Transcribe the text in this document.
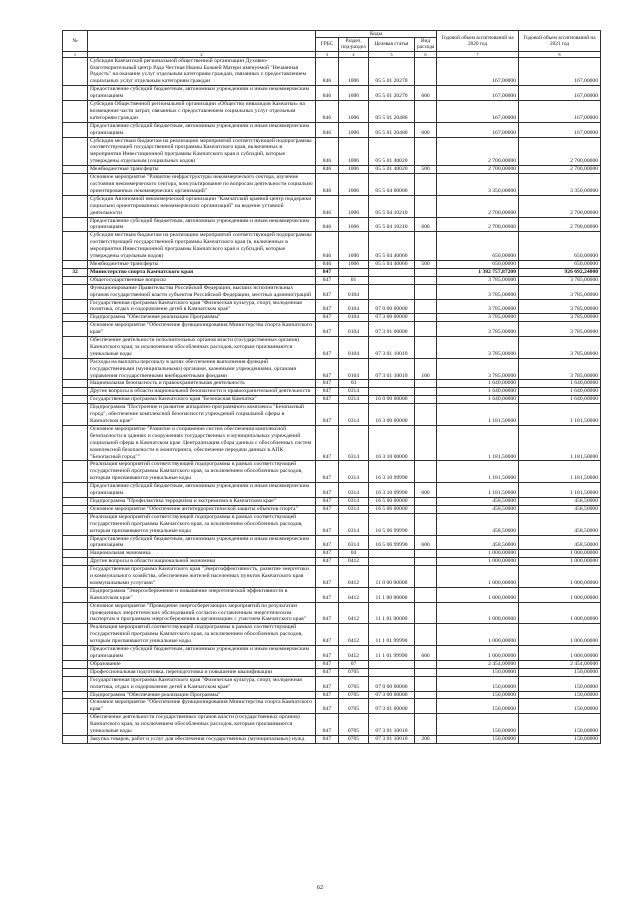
№		Коды				Годовой объем ассигнований на 2020 год	Годовой объем ассигнований на 2021 год
		ГРБС	Раздел, под-раздел	Целевая статья	Вид расхода		
1	2	3	4	5	6	7	8
	Субсидия Камчатской региональной общественной организации Духовно-благотворительный центр Рада Честная Иконы Божией Матери именуемой "Нечаянная Радость" на оказание услуг отдельным категориям граждан, связанных с предоставлением социальных услуг отдельным категориям граждан	846	1006	05 5 01 20270		167,00000	167,00000
	Предоставление субсидий бюджетным, автономным учреждениям и иным некоммерческим организациям	846	1006	05 5 01 20270	600	167,00000	167,00000
	Субсидия Общественной региональной организации «Общество инвалидов Камчатки» на возмещение части затрат, связанных с предоставлением социальных услуг отдельным категориям граждан	846	1006	05 5 01 20480		167,00000	167,00000
	Предоставление субсидий бюджетным, автономным учреждениям и иным некоммерческим организациям	846	1006	05 5 01 20480	600	167,00000	167,00000
	Субсидия местным бюджетам на реализацию мероприятий соответствующей подпрограммы соответствующей государственной программы Камчатского края, включенных в мероприятия Инвестиционной программы Камчатского края и субсидий, которые утверждены отдельным (социальных кодов)	846	1006	05 5 01 40020		2 700,00000	2 700,00000
	Межбюджетные трансферты	846	1006	05 5 01 40020	500	2 700,00000	2 700,00000
	Основное мероприятие "Развитие инфраструктуры некоммерческого сектора, изучение состояния некоммерческого сектора, консультирование по вопросам деятельности социально ориентированных некоммерческих организаций"	846	1006	05 5 04 00000		3 350,00000	3 350,00000
	Субсидия Автономной некоммерческой организации "Камчатский краевой центр поддержки социально ориентированных некоммерческих организаций" на ведение уставной деятельности	846	1006	05 5 04 10210		2 700,00000	2 700,00000
	Предоставление субсидий бюджетным, автономным учреждениям и иным некоммерческим организациям	846	1006	05 5 04 10210	600	2 700,00000	2 700,00000
	Субсидия местным бюджетам на реализацию мероприятий соответствующей подпрограммы соответствующей государственной программы Камчатского края (в, включенных в мероприятия Инвестиционной программы Камчатского края и субсидий, которые утверждены отдельным кодов)	846	1006	05 5 04 40060		650,00000	650,00000
	Межбюджетные трансферты	846	1006	05 5 04 40060	500	650,00000	650,00000
32	Министерство спорта Камчатского края	847				1 382 757,87200	926 692,24000
	Общегосударственные вопросы	847	01			3 785,00000	3 785,00000
	Функционирование Правительства Российской Федерации, высших исполнительных органов государственной власти субъектов Российской Федерации, местных администраций	847	0104			3 785,00000	3 785,00000
	Государственная программа Камчатского края "Физическая культура, спорт, молодежная политика, отдых и оздоровление детей в Камчатском крае"	847	0104	07 0 00 00000		3 785,00000	3 785,00000
	Подпрограмма "Обеспечение реализации Программы"	847	0104	07 3 00 00000		3 785,00000	3 785,00000
	Основное мероприятие "Обеспечение функционирования Министерства спорта Камчатского края"	847	0104	07 3 01 00000		3 785,00000	3 785,00000
	Обеспечение деятельности исполнительных органов власти (государственных органов) Камчатского края, за исключением обособленных расходов, которым присваиваются уникальные коды	847	0104	07 3 01 10010		3 785,00000	3 785,00000
	Расходы на выплаты персоналу в целях обеспечения выполнения функций государственными (муниципальными) органами, казенными учреждениями, органами управления государственными внебюджетными фондами	847	0104	07 3 01 10010	100	3 785,00000	3 785,00000
	Национальная безопасность и правоохранительная деятельность	847	03			1 640,00000	1 640,00000
	Другие вопросы в области национальной безопасности и правоохранительной деятельности	847	0314			1 640,00000	1 640,00000
	Государственная программа Камчатского края "Безопасная Камчатка"	847	0314	16 0 00 00000		1 640,00000	1 640,00000
	Подпрограмма "Построение и развитие аппаратно-программного комплекса "Безопасный город", обеспечение комплексной безопасности учреждений социальной сферы в Камчатском крае"	847	0314	16 3 00 00000		1 181,50000	1 181,50000
	Основное мероприятие "Развитие и сопряжение систем обеспечения комплексной безопасности в зданиях и сооружениях государственных и муниципальных учреждений социальной сферы в Камчатском крае. Централизация сбора данных с обособленных систем комплексной безопасности и мониторинга, обеспечение передачи данных в АПК "Безопасный город""	847	0314	16 3 10 00000		1 181,50000	1 181,50000
	Реализация мероприятий соответствующей подпрограммы в рамках соответствующей государственной программы Камчатского края, за исключением обособленных расходов, которым присваиваются уникальные коды	847	0314	16 3 10 99990		1 181,50000	1 181,50000
	Предоставление субсидий бюджетным, автономным учреждениям и иным некоммерческим организациям	847	0314	16 3 10 99990	600	1 181,50000	1 181,50000
	Подпрограмма "Профилактика терроризма и экстремизма в Камчатском крае"	847	0314	16 5 00 00000		458,50000	458,50000
	Основное мероприятие "Обеспечение антитеррористической защиты объектов спорта"	847	0314	16 5 06 00000		458,50000	458,50000
	Реализация мероприятий соответствующей подпрограммы в рамках соответствующей государственной программы Камчатского края, за исключением обособленных расходов, которым присваиваются уникальные коды	847	0314	16 5 06 99990		458,50000	458,50000
	Предоставление субсидий бюджетным, автономным учреждениям и иным некоммерческим организациям	847	0314	16 5 06 99990	600	458,50000	458,50000
	Национальная экономика	847	04			1 000,00000	1 000,00000
	Другие вопросы в области национальной экономики	847	0412			1 000,00000	1 000,00000
	Государственная программа Камчатского края "Энергоэффективность, развитие энергетики и коммунального хозяйства, обеспечение жителей населенных пунктов Камчатского края коммунальными услугами"	847	0412	11 0 00 00000		1 000,00000	1 000,00000
	Подпрограмма "Энергосбережение и повышение энергетической эффективности в Камчатском крае"	847	0412	11 1 00 00000		1 000,00000	1 000,00000
	Основное мероприятие "Проведение энергосберегающих мероприятий по результатам проведенных энергетических обследований согласно составленным энергетическим паспортам и программам энергосбережения в организациях с участием Камчатского края"	847	0412	11 1 01 00000		1 000,00000	1 000,00000
	Реализация мероприятий соответствующей подпрограммы в рамках соответствующей государственной программы Камчатского края, за исключением обособленных расходов, которым присваиваются уникальные коды	847	0412	11 1 01 99990		1 000,00000	1 000,00000
	Предоставление субсидий бюджетным, автономным учреждениям и иным некоммерческим организациям	847	0412	11 1 01 99990	600	1 000,00000	1 000,00000
	Образование	847	07			2 454,00000	2 454,00000
	Профессиональная подготовка, переподготовка и повышение квалификации	847	0705			150,00000	150,00000
	Государственная программа Камчатского края "Физическая культура, спорт, молодежная политика, отдых и оздоровление детей в Камчатском крае"	847	0705	07 0 00 00000		150,00000	150,00000
	Подпрограмма "Обеспечение реализации Программы"	847	0705	07 3 00 00000		150,00000	150,00000
	Основное мероприятие "Обеспечение функционирования Министерства спорта Камчатского края"	847	0705	07 3 01 00000		150,00000	150,00000
	Обеспечение деятельности государственных органов власти (государственных органов) Камчатского края, за исключением обособленных расходов, которым присваиваются уникальные коды	847	0705	07 3 01 10010		150,00000	150,00000
	Закупка товаров, работ и услуг для обеспечения государственных (муниципальных) нужд	847	0705	07 3 01 10010	200	150,00000	150,00000
62
